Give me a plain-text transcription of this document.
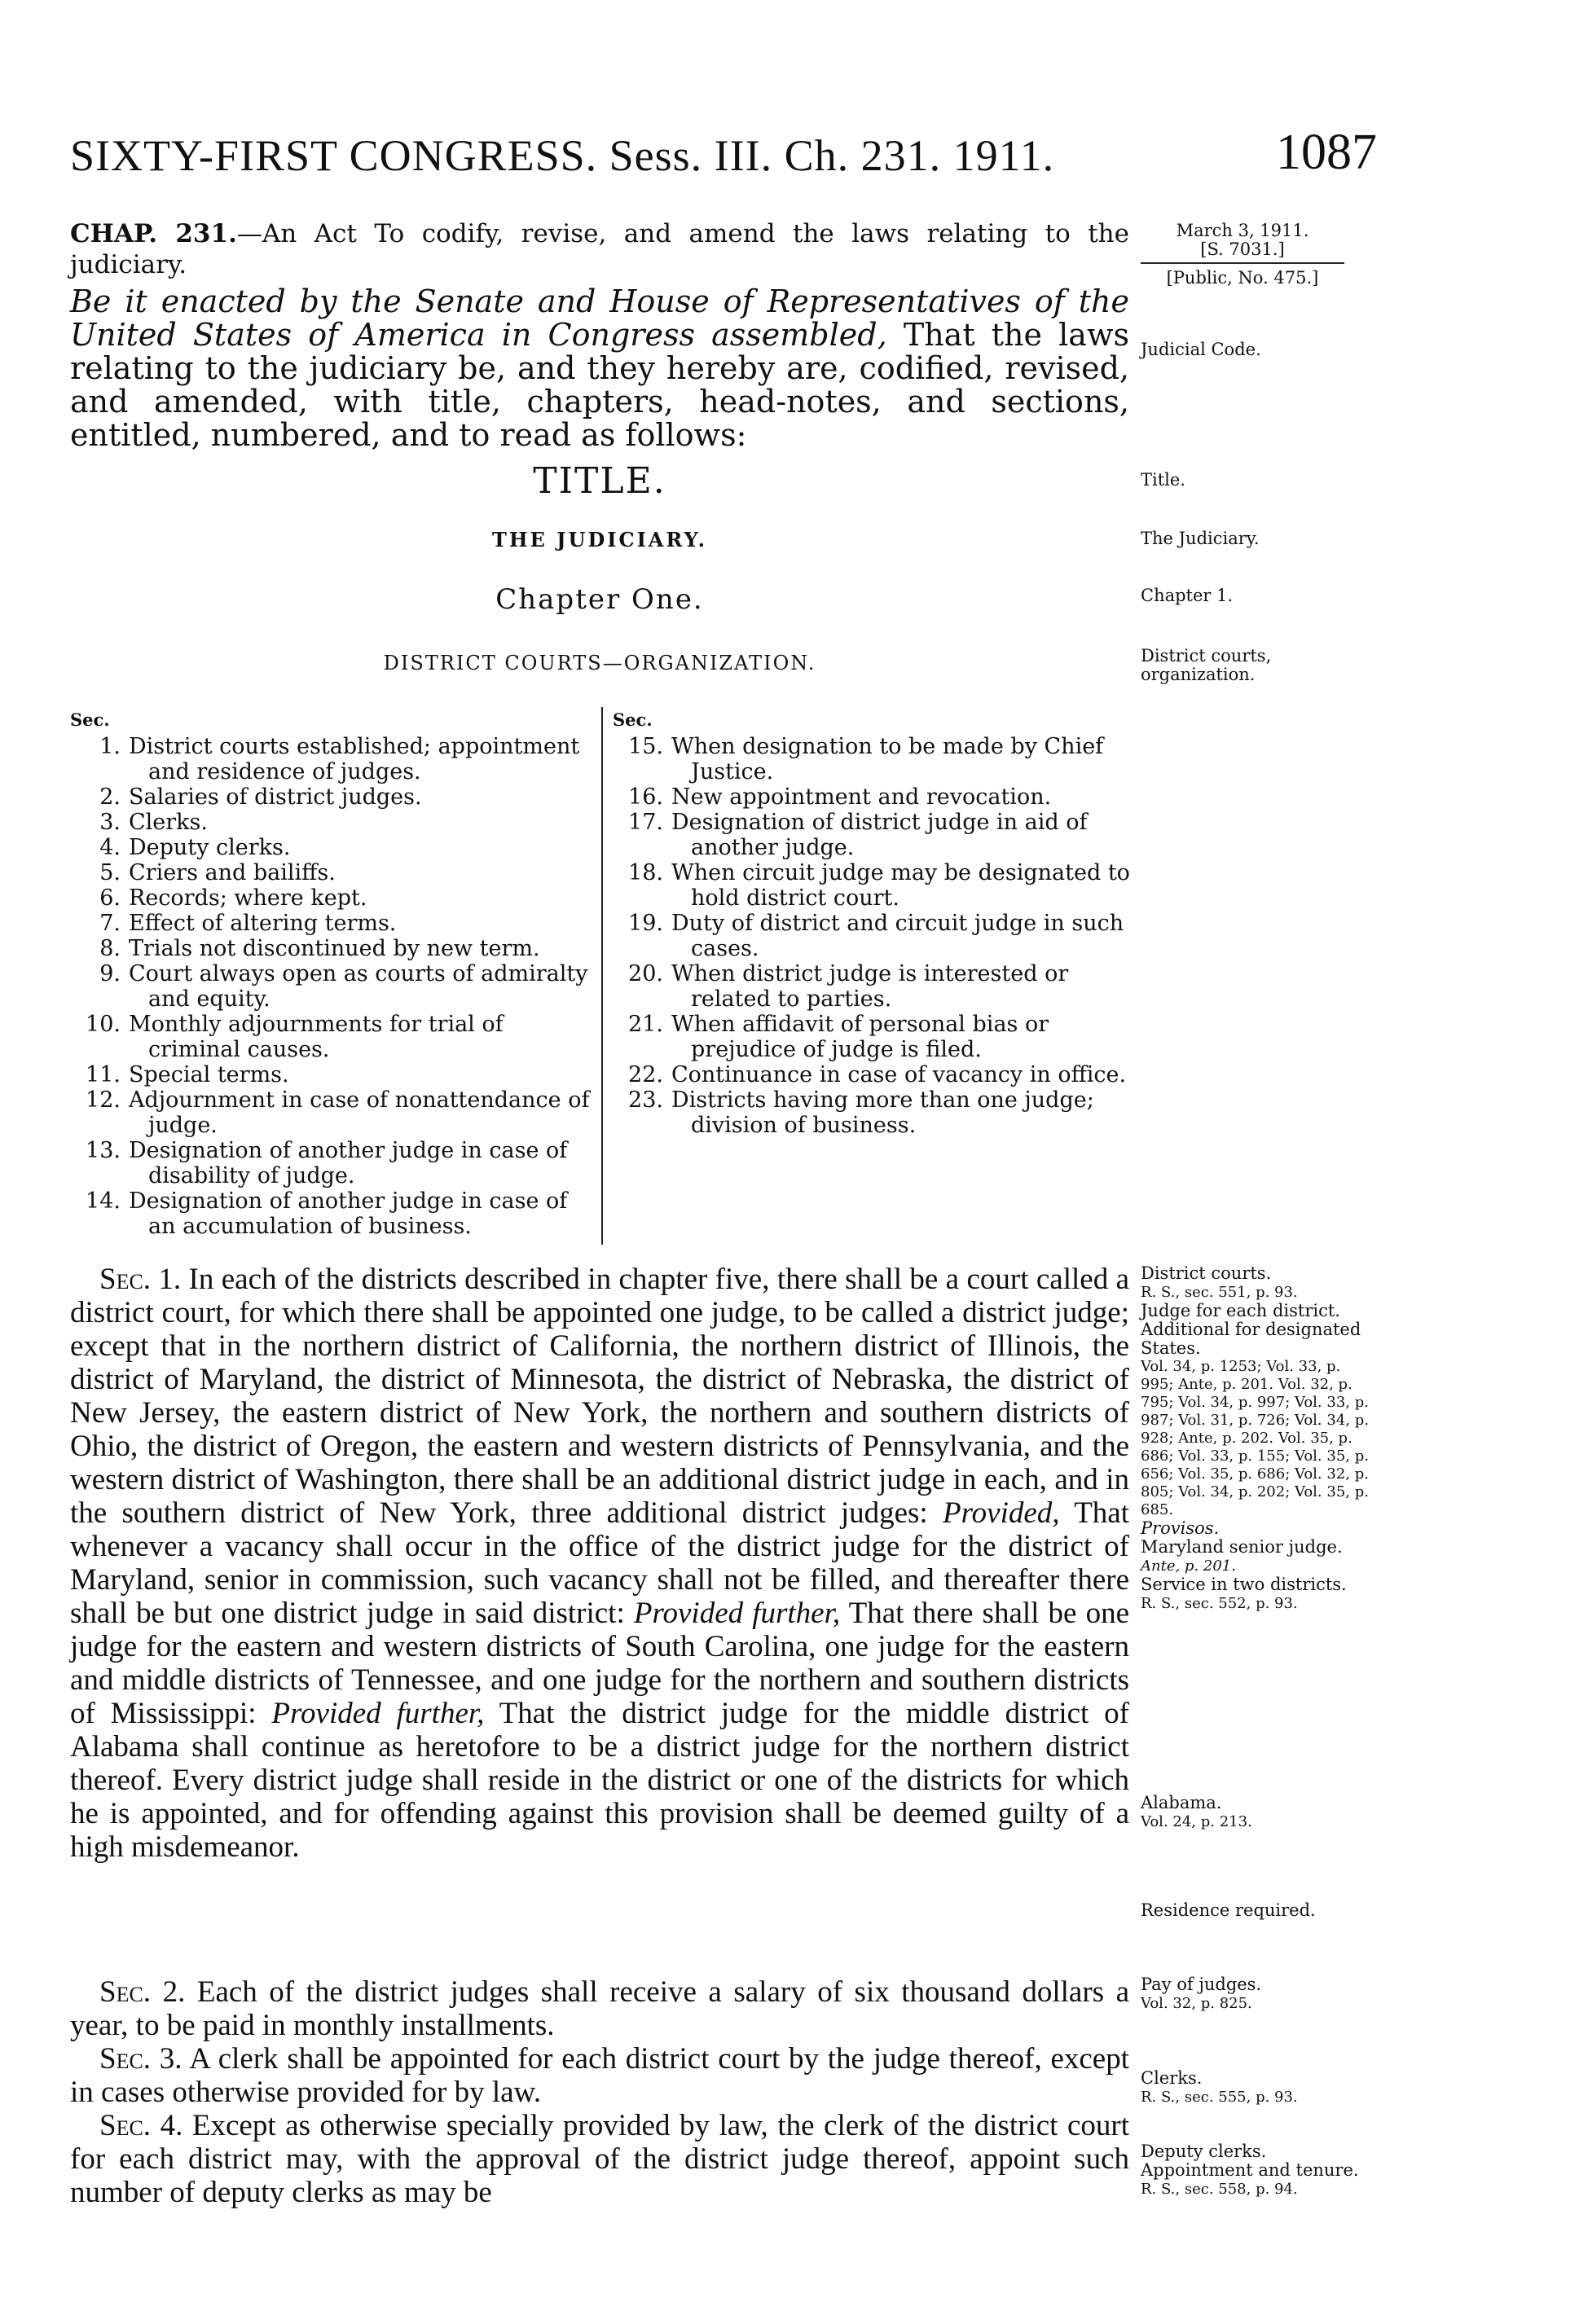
SIXTY-FIRST CONGRESS. Sess. III. Ch. 231. 1911.	1087
CHAP. 231.—An Act To codify, revise, and amend the laws relating to the judiciary.
Be it enacted by the Senate and House of Representatives of the United States of America in Congress assembled, That the laws relating to the judiciary be, and they hereby are, codified, revised, and amended, with title, chapters, head-notes, and sections, entitled, numbered, and to read as follows:
TITLE.
THE JUDICIARY.
Chapter One.
DISTRICT COURTS—ORGANIZATION.
Sec.
1. District courts established; appointment and residence of judges.
2. Salaries of district judges.
3. Clerks.
4. Deputy clerks.
5. Criers and bailiffs.
6. Records; where kept.
7. Effect of altering terms.
8. Trials not discontinued by new term.
9. Court always open as courts of admiralty and equity.
10. Monthly adjournments for trial of criminal causes.
11. Special terms.
12. Adjournment in case of nonattendance of judge.
13. Designation of another judge in case of disability of judge.
14. Designation of another judge in case of an accumulation of business.
Sec.
15. When designation to be made by Chief Justice.
16. New appointment and revocation.
17. Designation of district judge in aid of another judge.
18. When circuit judge may be designated to hold district court.
19. Duty of district and circuit judge in such cases.
20. When district judge is interested or related to parties.
21. When affidavit of personal bias or prejudice of judge is filed.
22. Continuance in case of vacancy in office.
23. Districts having more than one judge; division of business.

Sec. 1. In each of the districts described in chapter five, there shall be a court called a district court, for which there shall be appointed one judge, to be called a district judge; except that in the northern district of California, the northern district of Illinois, the district of Maryland, the district of Minnesota, the district of Nebraska, the district of New Jersey, the eastern district of New York, the northern and southern districts of Ohio, the district of Oregon, the eastern and western districts of Pennsylvania, and the western district of Washington, there shall be an additional district judge in each, and in the southern district of New York, three additional district judges: Provided, That whenever a vacancy shall occur in the office of the district judge for the district of Maryland, senior in commission, such vacancy shall not be filled, and thereafter there shall be but one district judge in said district: Provided further, That there shall be one judge for the eastern and western districts of South Carolina, one judge for the eastern and middle districts of Tennessee, and one judge for the northern and southern districts of Mississippi: Provided further, That the district judge for the middle district of Alabama shall continue as heretofore to be a district judge for the northern district thereof. Every district judge shall reside in the district or one of the districts for which he is appointed, and for offending against this provision shall be deemed guilty of a high misdemeanor.

Sec. 2. Each of the district judges shall receive a salary of six thousand dollars a year, to be paid in monthly installments.

Sec. 3. A clerk shall be appointed for each district court by the judge thereof, except in cases otherwise provided for by law.

Sec. 4. Except as otherwise specially provided by law, the clerk of the district court for each district may, with the approval of the district judge thereof, appoint such number of deputy clerks as may be

March 3, 1911.
[S. 7031.]
[Public, No. 475.]
Judicial Code.
Title.
The Judiciary.
Chapter 1.
District courts, organization.
District courts.
R. S., sec. 551, p. 93.
Judge for each district.
Additional for designated States.
Vol. 34, p. 1253; Vol. 33, p. 995; Ante, p. 201. Vol. 32, p. 795; Vol. 34, p. 997; Vol. 33, p. 987; Vol. 31, p. 726; Vol. 34, p. 928; Ante, p. 202. Vol. 35, p. 686; Vol. 33, p. 155; Vol. 35, p. 656; Vol. 35, p. 686; Vol. 32, p. 805; Vol. 34, p. 202; Vol. 35, p. 685.
Provisos.
Maryland senior judge.
Ante, p. 201.
Service in two districts.
R. S., sec. 552, p. 93.
Alabama.
Vol. 24, p. 213.
Residence required.
Pay of judges.
Vol. 32, p. 825.
Clerks.
R. S., sec. 555, p. 93.
Deputy clerks.
Appointment and tenure.
R. S., sec. 558, p. 94.
